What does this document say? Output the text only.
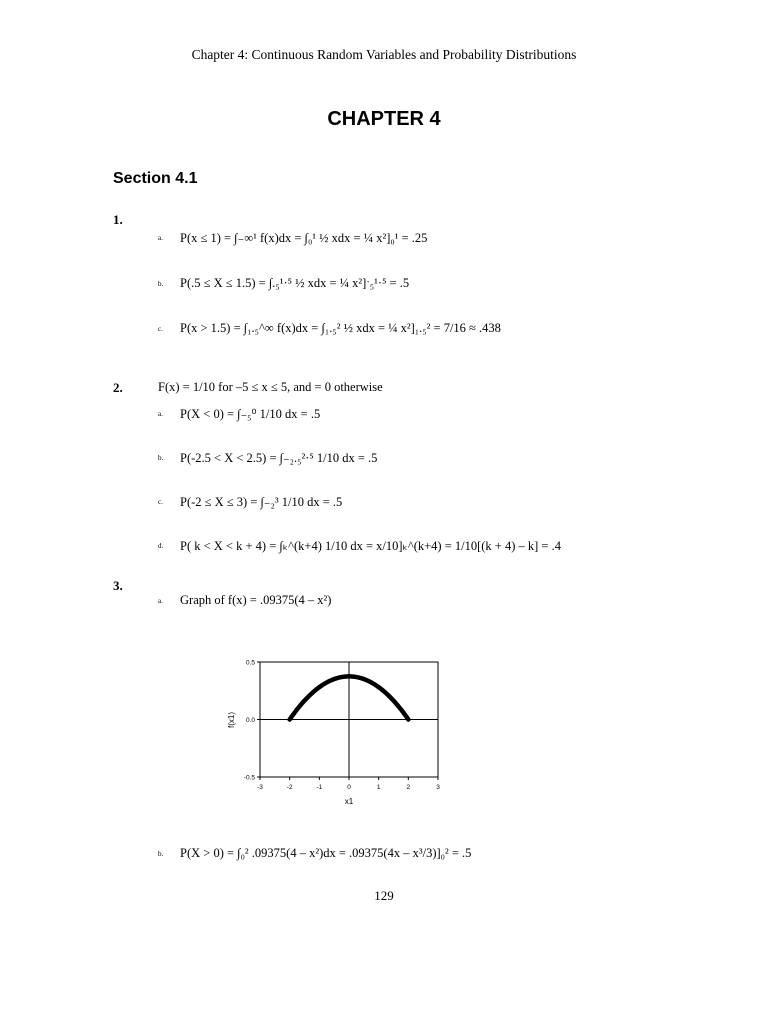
Chapter 4: Continuous Random Variables and Probability Distributions
CHAPTER 4
Section 4.1
1.
a. P(x ≤ 1) = ∫₋∞¹ f(x)dx = ∫₀¹ ½ xdx = ¼ x²]₀¹ = .25
b. P(.5 ≤ X ≤ 1.5) = ∫.₅¹·⁵ ½ xdx = ¼ x²]ˑ₅¹·⁵ = .5
c. P(x > 1.5) = ∫₁.₅^∞ f(x)dx = ∫₁.₅² ½ xdx = ¼ x²]₁.₅² = 7/16 ≈ .438
2.	F(x) = 1/10 for –5 ≤ x ≤ 5, and = 0 otherwise
a. P(X < 0) = ∫₋₅⁰ 1/10 dx = .5
b. P(-2.5 < X < 2.5) = ∫₋₂.₅²·⁵ 1/10 dx = .5
c. P(-2 ≤ X ≤ 3) = ∫₋₂³ 1/10 dx = .5
d. P( k < X < k + 4) = ∫ₖ^(k+4) 1/10 dx = x/10]ₖ^(k+4) = 1/10[(k + 4) – k] = .4
3.
a. Graph of f(x) = .09375(4 – x²)
-3	-2	-1	0	1	2	3
-0.5
0.0
0.5
f(x1)
x1
b. P(X > 0) = ∫₀² .09375(4 – x²)dx = .09375(4x – x³/3)]₀² = .5
129
